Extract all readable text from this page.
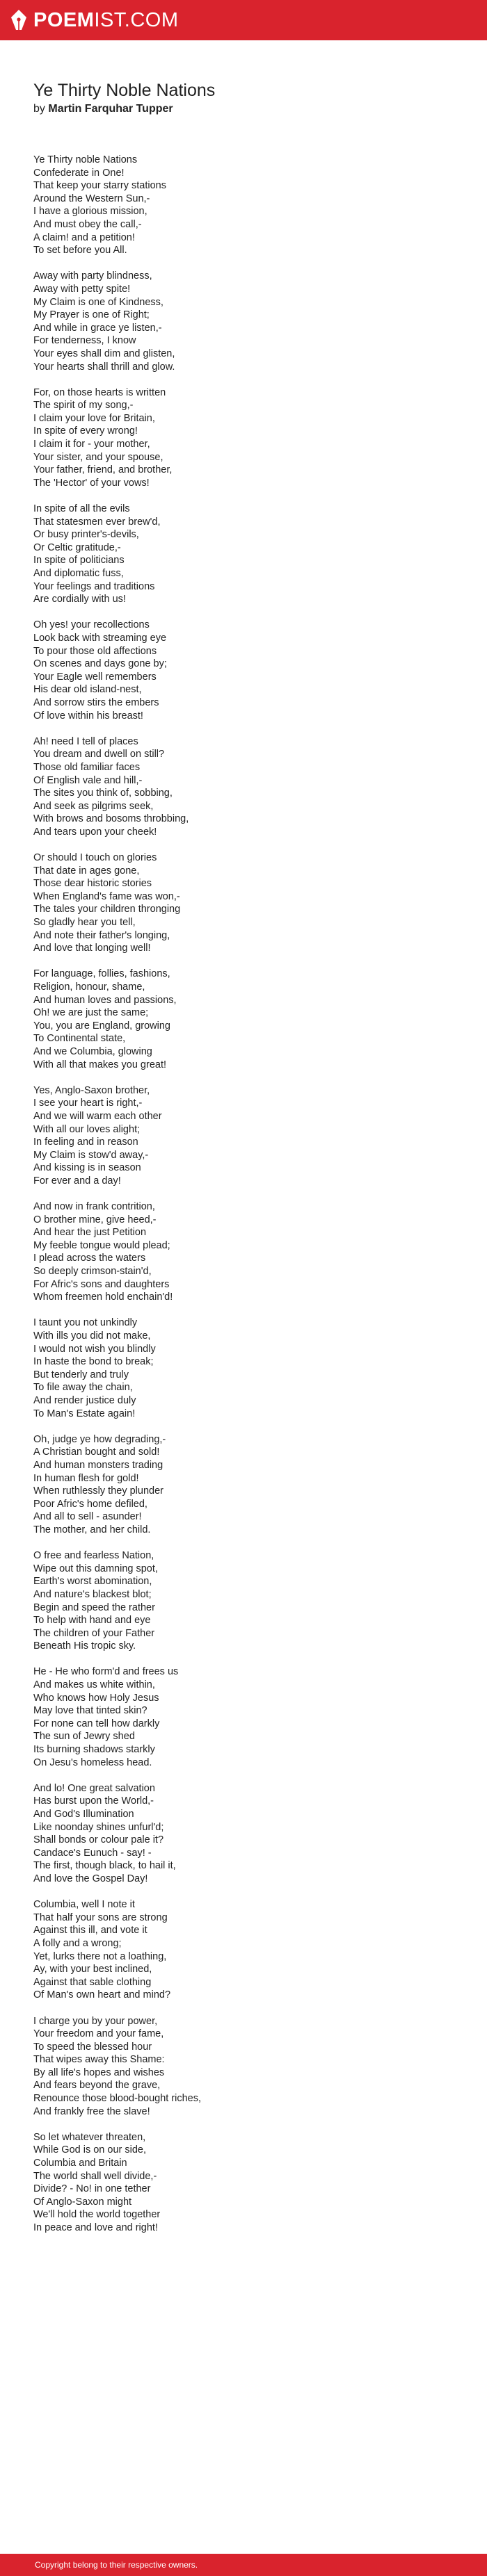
POEMIST.COM
Ye Thirty Noble Nations
by Martin Farquhar Tupper

Ye Thirty noble Nations
Confederate in One!
That keep your starry stations
Around the Western Sun,-
I have a glorious mission,
And must obey the call,-
A claim! and a petition!
To set before you All.

Away with party blindness,
Away with petty spite!
My Claim is one of Kindness,
My Prayer is one of Right;
And while in grace ye listen,-
For tenderness, I know
Your eyes shall dim and glisten,
Your hearts shall thrill and glow.

For, on those hearts is written
The spirit of my song,-
I claim your love for Britain,
In spite of every wrong!
I claim it for - your mother,
Your sister, and your spouse,
Your father, friend, and brother,
The 'Hector' of your vows!

In spite of all the evils
That statesmen ever brew'd,
Or busy printer's-devils,
Or Celtic gratitude,-
In spite of politicians
And diplomatic fuss,
Your feelings and traditions
Are cordially with us!

Oh yes! your recollections
Look back with streaming eye
To pour those old affections
On scenes and days gone by;
Your Eagle well remembers
His dear old island-nest,
And sorrow stirs the embers
Of love within his breast!

Ah! need I tell of places
You dream and dwell on still?
Those old familiar faces
Of English vale and hill,-
The sites you think of, sobbing,
And seek as pilgrims seek,
With brows and bosoms throbbing,
And tears upon your cheek!

Or should I touch on glories
That date in ages gone,
Those dear historic stories
When England's fame was won,-
The tales your children thronging
So gladly hear you tell,
And note their father's longing,
And love that longing well!

For language, follies, fashions,
Religion, honour, shame,
And human loves and passions,
Oh! we are just the same;
You, you are England, growing
To Continental state,
And we Columbia, glowing
With all that makes you great!

Yes, Anglo-Saxon brother,
I see your heart is right,-
And we will warm each other
With all our loves alight;
In feeling and in reason
My Claim is stow'd away,-
And kissing is in season
For ever and a day!

And now in frank contrition,
O brother mine, give heed,-
And hear the just Petition
My feeble tongue would plead;
I plead across the waters
So deeply crimson-stain'd,
For Afric's sons and daughters
Whom freemen hold enchain'd!

I taunt you not unkindly
With ills you did not make,
I would not wish you blindly
In haste the bond to break;
But tenderly and truly
To file away the chain,
And render justice duly
To Man's Estate again!

Oh, judge ye how degrading,-
A Christian bought and sold!
And human monsters trading
In human flesh for gold!
When ruthlessly they plunder
Poor Afric's home defiled,
And all to sell - asunder!
The mother, and her child.

O free and fearless Nation,
Wipe out this damning spot,
Earth's worst abomination,
And nature's blackest blot;
Begin and speed the rather
To help with hand and eye
The children of your Father
Beneath His tropic sky.

He - He who form'd and frees us
And makes us white within,
Who knows how Holy Jesus
May love that tinted skin?
For none can tell how darkly
The sun of Jewry shed
Its burning shadows starkly
On Jesu's homeless head.

And lo! One great salvation
Has burst upon the World,-
And God's Illumination
Like noonday shines unfurl'd;
Shall bonds or colour pale it?
Candace's Eunuch - say! -
The first, though black, to hail it,
And love the Gospel Day!

Columbia, well I note it
That half your sons are strong
Against this ill, and vote it
A folly and a wrong;
Yet, lurks there not a loathing,
Ay, with your best inclined,
Against that sable clothing
Of Man's own heart and mind?

I charge you by your power,
Your freedom and your fame,
To speed the blessed hour
That wipes away this Shame:
By all life's hopes and wishes
And fears beyond the grave,
Renounce those blood-bought riches,
And frankly free the slave!

So let whatever threaten,
While God is on our side,
Columbia and Britain
The world shall well divide,-
Divide? - No! in one tether
Of Anglo-Saxon might
We'll hold the world together
In peace and love and right!

Copyright belong to their respective owners.
